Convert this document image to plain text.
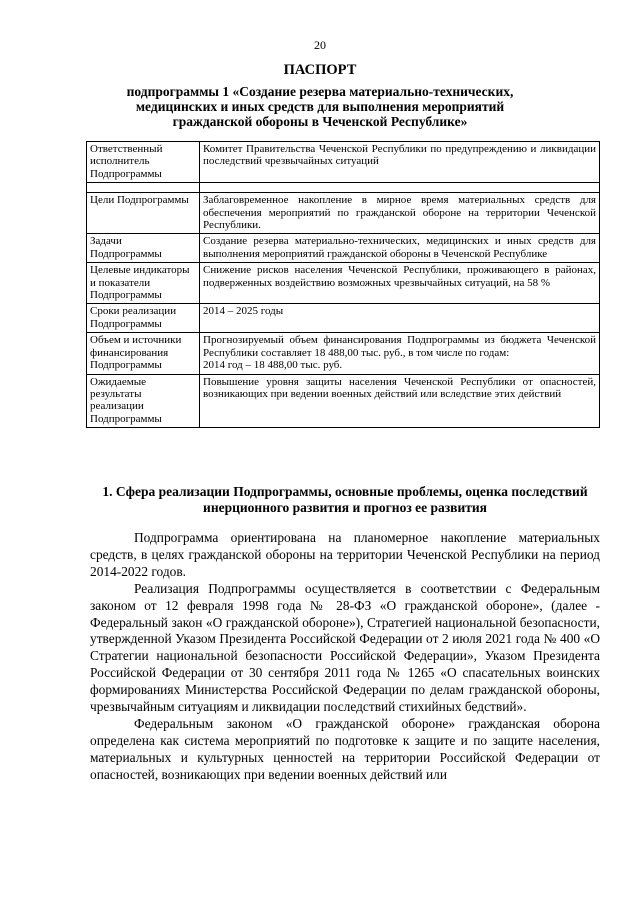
20
ПАСПОРТ
подпрограммы 1 «Создание резерва материально-технических,
медицинских и иных средств для выполнения мероприятий
гражданской обороны в Чеченской Республике»
Ответственный исполнитель Подпрограммы	Комитет Правительства Чеченской Республики по предупреждению и ликвидации последствий чрезвычайных ситуаций

Цели Подпрограммы	Заблаговременное накопление в мирное время материальных средств для обеспечения мероприятий по гражданской обороне на территории Чеченской Республики.
Задачи Подпрограммы	Создание резерва материально-технических, медицинских и иных средств для выполнения мероприятий гражданской обороны в Чеченской Республике
Целевые индикаторы и показатели Подпрограммы	Снижение рисков населения Чеченской Республики, проживающего в районах, подверженных воздействию возможных чрезвычайных ситуаций, на 58 %
Сроки реализации Подпрограммы	2014 – 2025 годы
Объем и источники финансирования Подпрограммы	Прогнозируемый объем финансирования Подпрограммы из бюджета Чеченской Республики составляет 18 488,00 тыс. руб., в том числе по годам:
2014 год – 18 488,00 тыс. руб.

Ожидаемые результаты реализации Подпрограммы	Повышение уровня защиты населения Чеченской Республики от опасностей, возникающих при ведении военных действий или вследствие этих действий
1. Сфера реализации Подпрограммы, основные проблемы, оценка последствий инерционного развития и прогноз ее развития

Подпрограмма ориентирована на планомерное накопление материальных средств, в целях гражданской обороны на территории Чеченской Республики на период 2014-2022 годов.

Реализация Подпрограммы осуществляется в соответствии с Федеральным законом от 12 февраля 1998 года № 28-ФЗ «О гражданской обороне», (далее - Федеральный закон «О гражданской обороне»), Стратегией национальной безопасности, утвержденной Указом Президента Российской Федерации от 2 июля 2021 года № 400 «О Стратегии национальной безопасности Российской Федерации», Указом Президента Российской Федерации от 30 сентября 2011 года № 1265 «О спасательных воинских формированиях Министерства Российской Федерации по делам гражданской обороны, чрезвычайным ситуациям и ликвидации последствий стихийных бедствий».

Федеральным законом «О гражданской обороне» гражданская оборона определена как система мероприятий по подготовке к защите и по защите населения, материальных и культурных ценностей на территории Российской Федерации от опасностей, возникающих при ведении военных действий или
